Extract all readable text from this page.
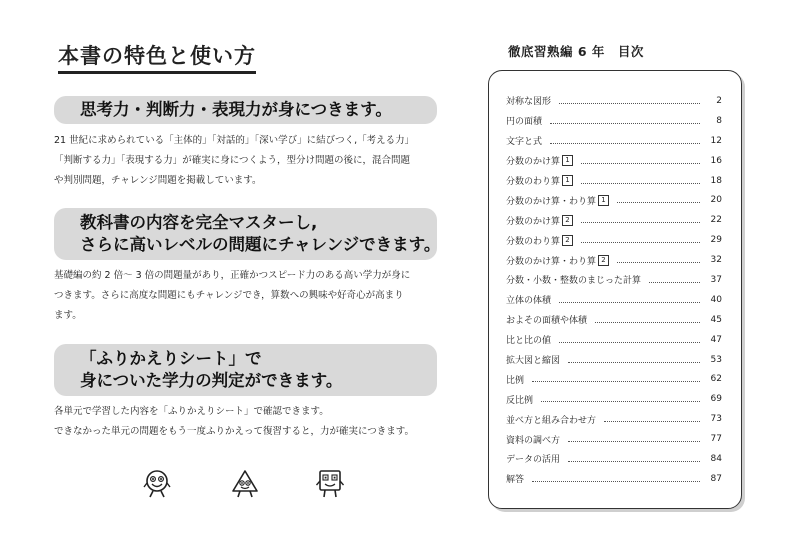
本書の特色と使い方
思考力・判断力・表現力が身につきます。
21 世紀に求められている「主体的」「対話的」「深い学び」に結びつく,「考える力」
「判断する力」「表現する力」が確実に身につくよう，型分け問題の後に，混合問題
や判別問題，チャレンジ問題を掲載しています。
教科書の内容を完全マスターし,
さらに高いレベルの問題にチャレンジできます。
基礎編の約 2 倍～ 3 倍の問題量があり，正確かつスピード力のある高い学力が身に
つきます。さらに高度な問題にもチャレンジでき，算数への興味や好奇心が高まり
ます。
「ふりかえりシート」で
身についた学力の判定ができます。
各単元で学習した内容を「ふりかえりシート」で確認できます。
できなかった単元の問題をもう一度ふりかえって復習すると，力が確実につきます。
徹底習熟編 6 年　目次
対称な図形	2
円の面積	8
文字と式	12
分数のかけ算 1	16
分数のわり算 1	18
分数のかけ算・わり算 1	20
分数のかけ算 2	22
分数のわり算 2	29
分数のかけ算・わり算 2	32
分数・小数・整数のまじった計算	37
立体の体積	40
およその面積や体積	45
比と比の値	47
拡大図と縮図	53
比例	62
反比例	69
並べ方と組み合わせ方	73
資料の調べ方	77
データの活用	84
解答	87
